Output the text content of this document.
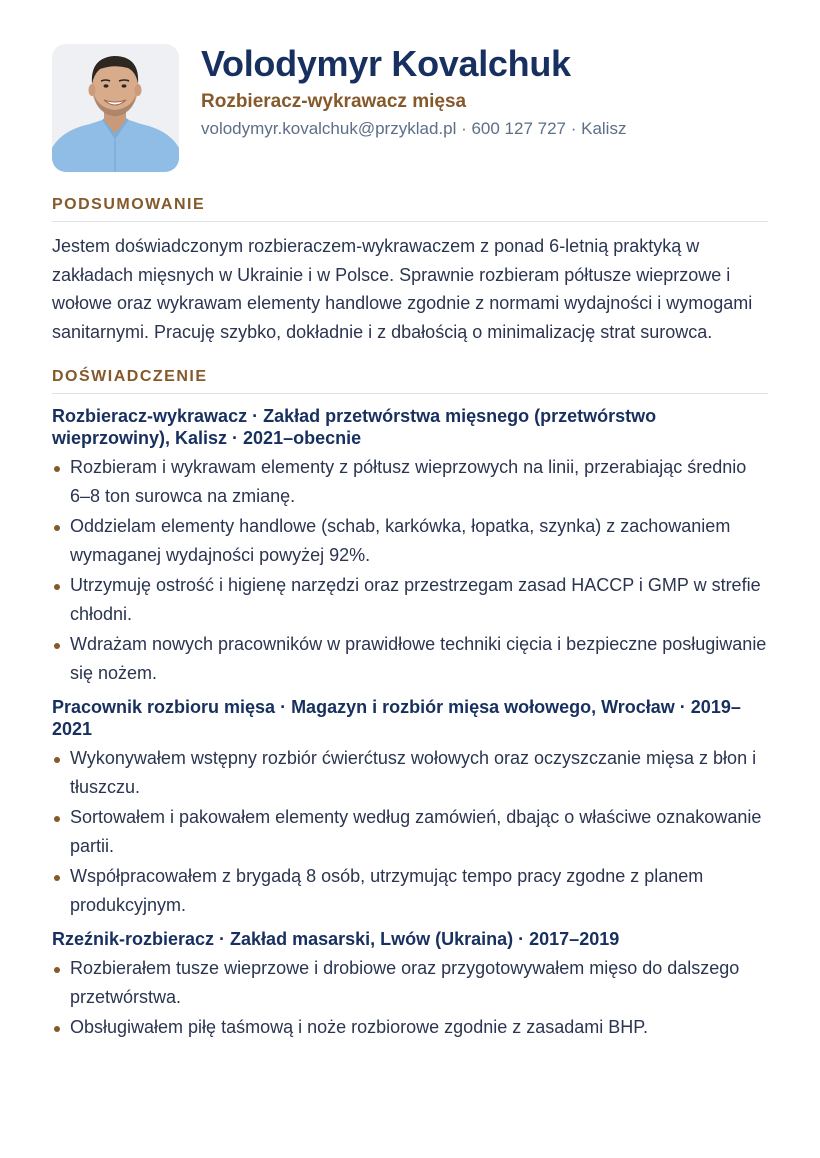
Volodymyr Kovalchuk
Rozbieracz-wykrawacz mięsa
volodymyr.kovalchuk@przyklad.pl · 600 127 727 · Kalisz
PODSUMOWANIE

Jestem doświadczonym rozbieraczem-wykrawaczem z ponad 6-letnią praktyką w zakładach mięsnych w Ukrainie i w Polsce. Sprawnie rozbieram półtusze wieprzowe i wołowe oraz wykrawam elementy handlowe zgodnie z normami wydajności i wymogami sanitarnymi. Pracuję szybko, dokładnie i z dbałością o minimalizację strat surowca.

DOŚWIADCZENIE
Rozbieracz-wykrawacz · Zakład przetwórstwa mięsnego (przetwórstwo wieprzowiny), Kalisz · 2021–obecnie
Rozbieram i wykrawam elementy z półtusz wieprzowych na linii, przerabiając średnio 6–8 ton surowca na zmianę.
Oddzielam elementy handlowe (schab, karkówka, łopatka, szynka) z zachowaniem wymaganej wydajności powyżej 92%.
Utrzymuję ostrość i higienę narzędzi oraz przestrzegam zasad HACCP i GMP w strefie chłodni.
Wdrażam nowych pracowników w prawidłowe techniki cięcia i bezpieczne posługiwanie się nożem.
Pracownik rozbioru mięsa · Magazyn i rozbiór mięsa wołowego, Wrocław · 2019–2021
Wykonywałem wstępny rozbiór ćwierćtusz wołowych oraz oczyszczanie mięsa z błon i tłuszczu.
Sortowałem i pakowałem elementy według zamówień, dbając o właściwe oznakowanie partii.
Współpracowałem z brygadą 8 osób, utrzymując tempo pracy zgodne z planem produkcyjnym.
Rzeźnik-rozbieracz · Zakład masarski, Lwów (Ukraina) · 2017–2019
Rozbierałem tusze wieprzowe i drobiowe oraz przygotowywałem mięso do dalszego przetwórstwa.
Obsługiwałem piłę taśmową i noże rozbiorowe zgodnie z zasadami BHP.
